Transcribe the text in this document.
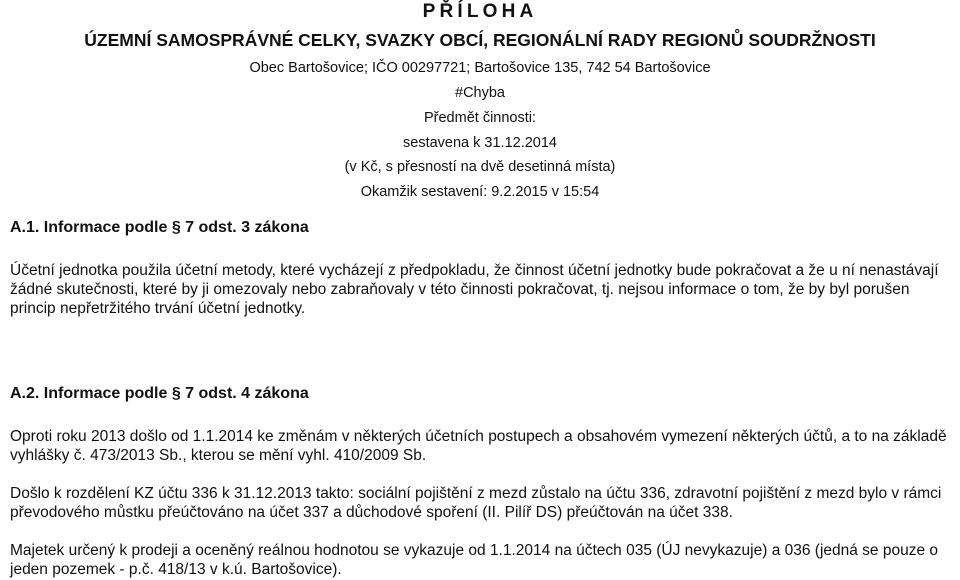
PŘÍLOHA
ÚZEMNÍ SAMOSPRÁVNÉ CELKY, SVAZKY OBCÍ, REGIONÁLNÍ RADY REGIONŮ SOUDRŽNOSTI
Obec Bartošovice; IČO 00297721; Bartošovice 135, 742 54 Bartošovice
#Chyba
Předmět činnosti:
sestavena k 31.12.2014
(v Kč, s přesností na dvě desetinná místa)
Okamžik sestavení: 9.2.2015 v 15:54
A.1. Informace podle § 7 odst. 3 zákona
Účetní jednotka použila účetní metody, které vycházejí z předpokladu, že činnost účetní jednotky bude pokračovat a že u ní nenastávají žádné skutečnosti, které by ji omezovaly nebo zabraňovaly v této činnosti pokračovat, tj. nejsou informace o tom, že by byl porušen princip nepřetržitého trvání účetní jednotky.
A.2. Informace podle § 7 odst. 4 zákona
Oproti roku 2013 došlo od 1.1.2014 ke změnám v některých účetních postupech a obsahovém vymezení některých účtů, a to na základě vyhlášky č. 473/2013 Sb., kterou se mění vyhl. 410/2009 Sb.
Došlo k rozdělení KZ účtu 336 k 31.12.2013 takto: sociální pojištění z mezd zůstalo na účtu 336, zdravotní pojištění z mezd bylo v rámci převodového můstku přeúčtováno na účet 337 a důchodové spoření (II. Pilíř DS) přeúčtován na účet 338.
Majetek určený k prodeji a oceněný reálnou hodnotou se vykazuje od 1.1.2014 na účtech 035 (ÚJ nevykazuje) a 036 (jedná se pouze o jeden pozemek - p.č. 418/13 v k.ú. Bartošovice).
